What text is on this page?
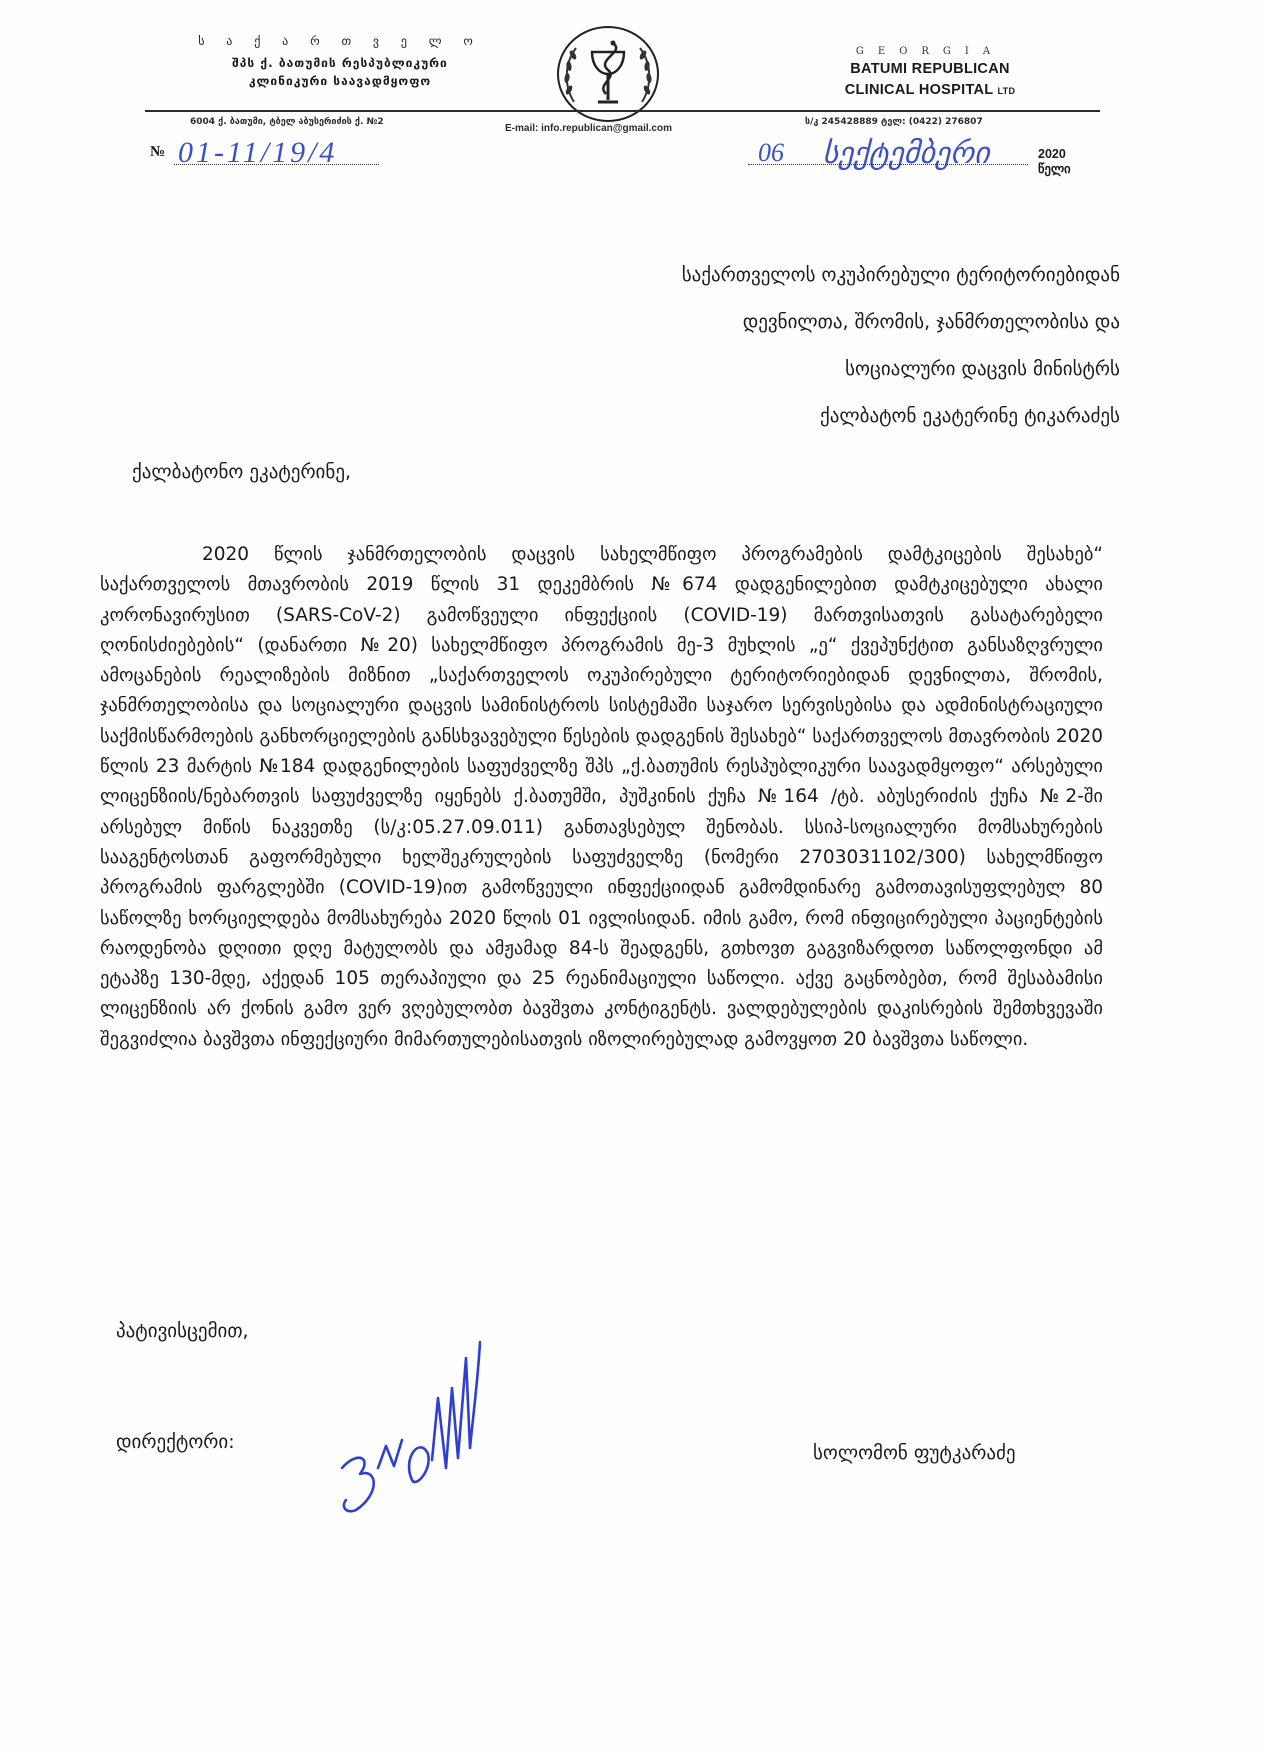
ს ა ქ ა რ თ ვ ე ლ ო
შპს ქ. ბათუმის რესპუბლიკური
კლინიკური საავადმყოფო
GEORGIA
BATUMI REPUBLICAN
CLINICAL HOSPITAL LTD
6004 ქ. ბათუმი, ტბელ აბუსერიძის ქ. №2
E-mail: info.republican@gmail.com
ს/კ 245428889 ტელ: (0422) 276807
№ 01-11/19/4	06 სექტემბერი	2020 წელი
საქართველოს ოკუპირებული ტერიტორიებიდან
დევნილთა, შრომის, ჯანმრთელობისა და
სოციალური დაცვის მინისტრს
ქალბატონ ეკატერინე ტიკარაძეს
ქალბატონო ეკატერინე,

2020 წლის ჯანმრთელობის დაცვის სახელმწიფო პროგრამების დამტკიცების შესახებ“ საქართველოს მთავრობის 2019 წლის 31 დეკემბრის №674 დადგენილებით დამტკიცებული ახალი კორონავირუსით (SARS-CoV-2) გამოწვეული ინფექციის (COVID-19) მართვისათვის გასატარებელი ღონისძიებების“ (დანართი №20) სახელმწიფო პროგრამის მე-3 მუხლის „ე“ ქვეპუნქტით განსაზღვრული ამოცანების რეალიზების მიზნით „საქართველოს ოკუპირებული ტერიტორიებიდან დევნილთა, შრომის, ჯანმრთელობისა და სოციალური დაცვის სამინისტროს სისტემაში საჯარო სერვისებისა და ადმინისტრაციული საქმისწარმოების განხორციელების განსხვავებული წესების დადგენის შესახებ“ საქართველოს მთავრობის 2020 წლის 23 მარტის №184 დადგენილების საფუძველზე შპს „ქ.ბათუმის რესპუბლიკური საავადმყოფო“ არსებული ლიცენზიის/ნებართვის საფუძველზე იყენებს ქ.ბათუმში, პუშკინის ქუჩა №164 /ტბ. აბუსერიძის ქუჩა №2-ში არსებულ მიწის ნაკვეთზე (ს/კ:05.27.09.011) განთავსებულ შენობას. სსიპ-სოციალური მომსახურების სააგენტოსთან გაფორმებული ხელშეკრულების საფუძველზე (ნომერი 2703031102/300) სახელმწიფო პროგრამის ფარგლებში (COVID-19)ით გამოწვეული ინფექციიდან გამომდინარე გამოთავისუფლებულ 80 საწოლზე ხორციელდება მომსახურება 2020 წლის 01 ივლისიდან. იმის გამო, რომ ინფიცირებული პაციენტების რაოდენობა დღითი დღე მატულობს და ამჟამად 84-ს შეადგენს, გთხოვთ გაგვიზარდოთ საწოლფონდი ამ ეტაპზე 130-მდე, აქედან 105 თერაპიული და 25 რეანიმაციული საწოლი. აქვე გაცნობებთ, რომ შესაბამისი ლიცენზიის არ ქონის გამო ვერ ვღებულობთ ბავშვთა კონტიგენტს. ვალდებულების დაკისრების შემთხვევაში შეგვიძლია ბავშვთა ინფექციური მიმართულებისათვის იზოლირებულად გამოვყოთ 20 ბავშვთა საწოლი.

პატივისცემით,
დირექტორი:	სოლომონ ფუტკარაძე
